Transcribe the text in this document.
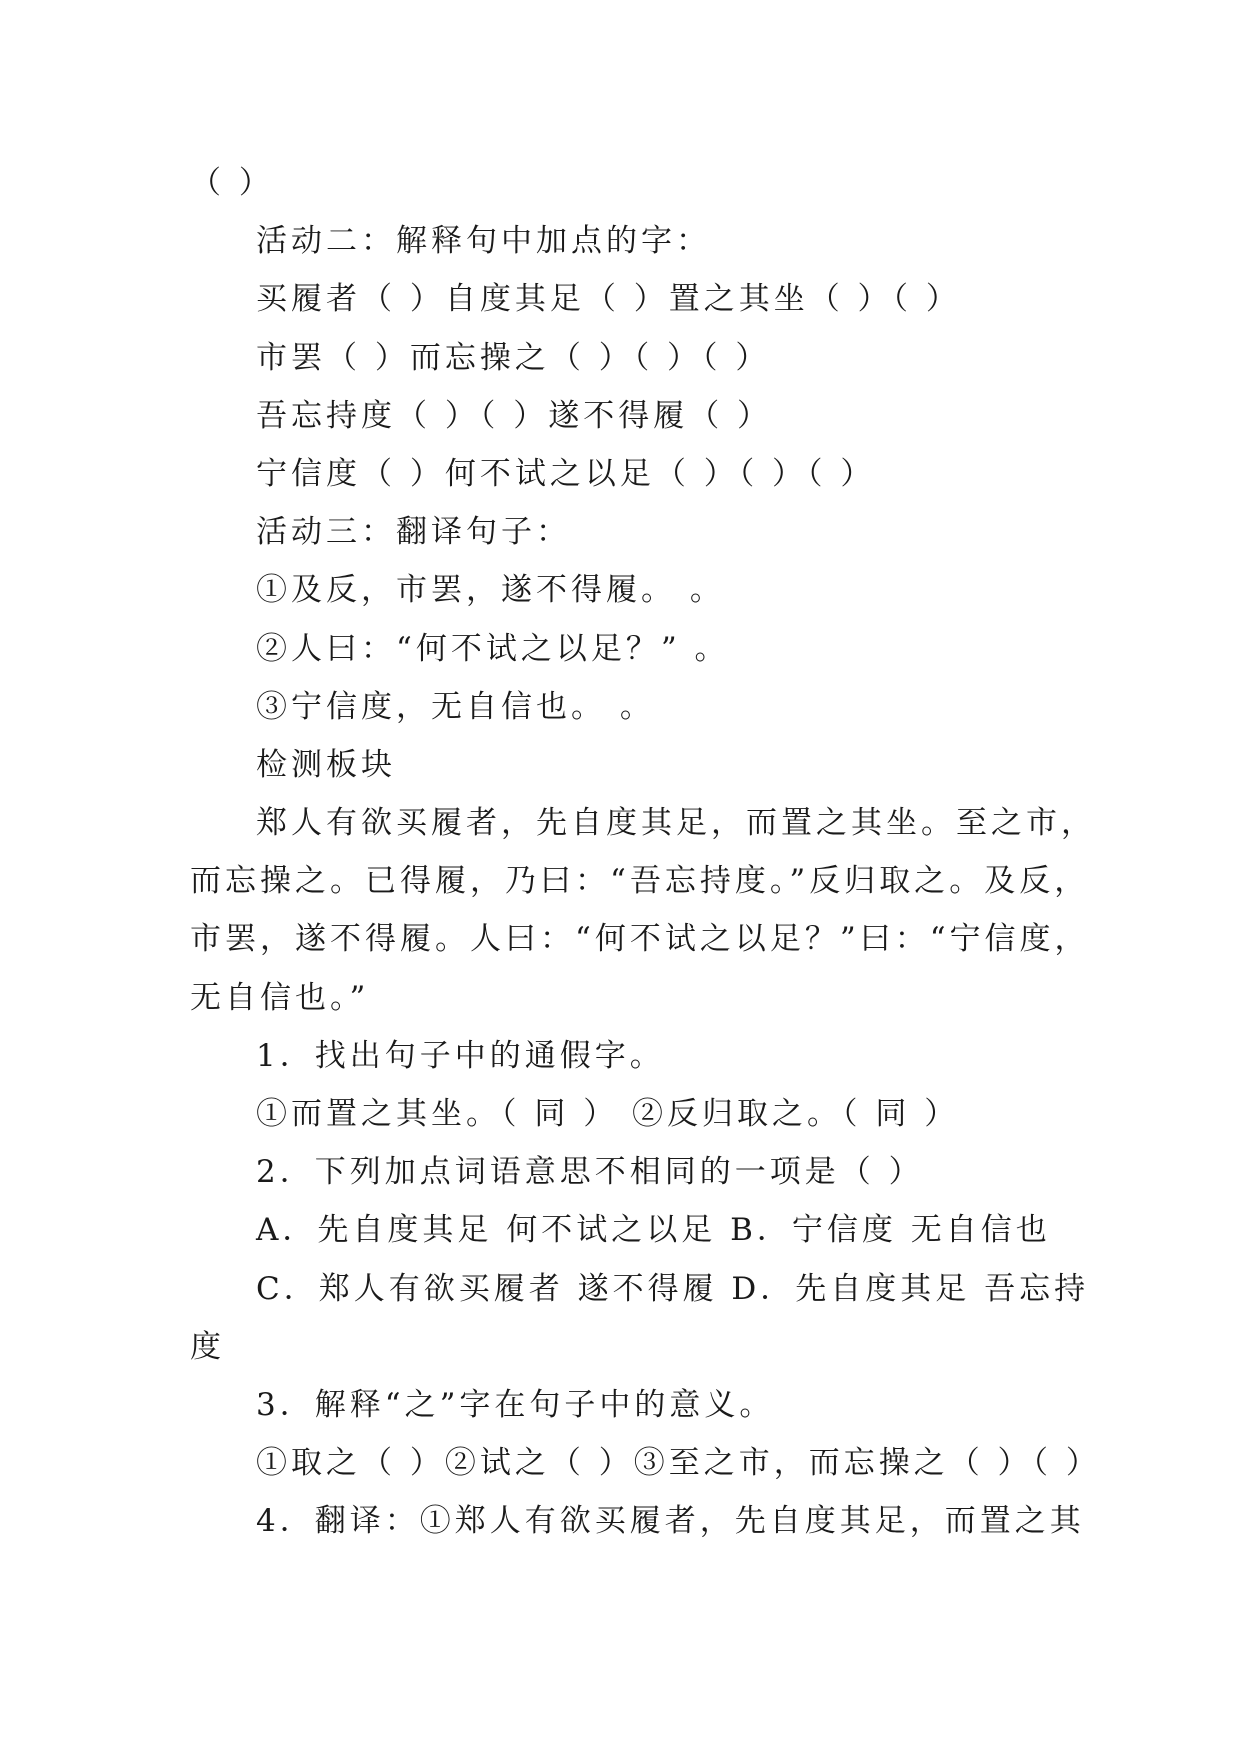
（ ）
活动二：解释句中加点的字：
买履者（ ）自度其足（ ）置之其坐（ ）（ ）
市罢（ ）而忘操之（ ）（ ）（ ）
吾忘持度（ ）（ ）遂不得履（ ）
宁信度（ ）何不试之以足（ ）（ ）（ ）
活动三：翻译句子：
①及反，市罢，遂不得履。 。
②人曰：“何不试之以足？” 。
③宁信度，无自信也。 。
检测板块
郑人有欲买履者，先自度其足，而置之其坐。至之市，
而忘操之。已得履，乃曰：“吾忘持度。”反归取之。及反，
市罢，遂不得履。人曰：“何不试之以足？”曰：“宁信度，
无自信也。”
1．找出句子中的通假字。
①而置之其坐。（ 同 ） ②反归取之。（ 同 ）
2．下列加点词语意思不相同的一项是（ ）
A．先自度其足 何不试之以足 B．宁信度 无自信也
C．郑人有欲买履者 遂不得履 D．先自度其足 吾忘持
度
3．解释“之”字在句子中的意义。
①取之（ ）②试之（ ）③至之市，而忘操之（ ）（ ）
4．翻译：①郑人有欲买履者，先自度其足，而置之其
